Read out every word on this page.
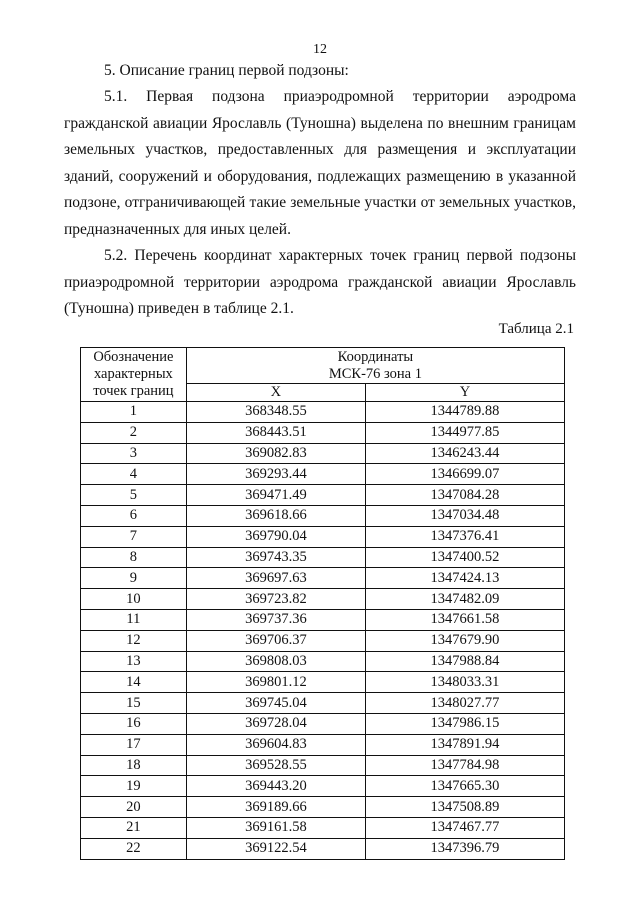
12
5. Описание границ первой подзоны:
5.1. Первая подзона приаэродромной территории аэродрома гражданской авиации Ярославль (Туношна) выделена по внешним границам земельных участков, предоставленных для размещения и эксплуатации зданий, сооружений и оборудования, подлежащих размещению в указанной подзоне, отграничивающей такие земельные участки от земельных участков, предназначенных для иных целей.
5.2. Перечень координат характерных точек границ первой подзоны приаэродромной территории аэродрома гражданской авиации Ярославль (Туношна) приведен в таблице 2.1.
Таблица 2.1
Обозначение характерных точек границ	Координаты
МСК-76 зона 1	
	X	Y
1	368348.55	1344789.88
2	368443.51	1344977.85
3	369082.83	1346243.44
4	369293.44	1346699.07
5	369471.49	1347084.28
6	369618.66	1347034.48
7	369790.04	1347376.41
8	369743.35	1347400.52
9	369697.63	1347424.13
10	369723.82	1347482.09
11	369737.36	1347661.58
12	369706.37	1347679.90
13	369808.03	1347988.84
14	369801.12	1348033.31
15	369745.04	1348027.77
16	369728.04	1347986.15
17	369604.83	1347891.94
18	369528.55	1347784.98
19	369443.20	1347665.30
20	369189.66	1347508.89
21	369161.58	1347467.77
22	369122.54	1347396.79
